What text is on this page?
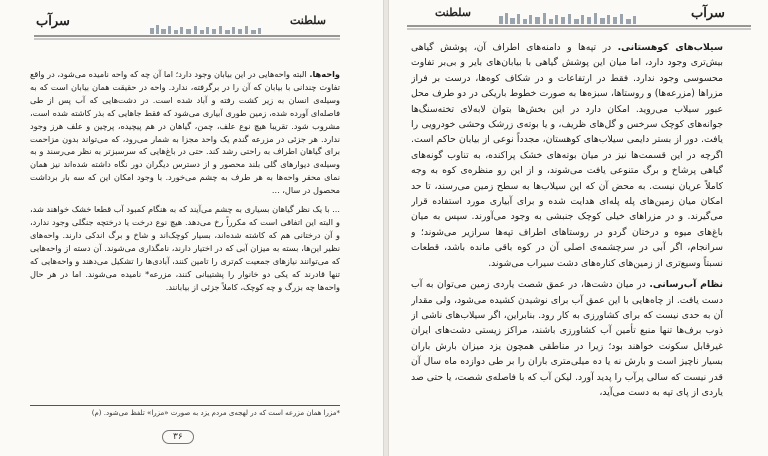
سرآب	سلطنت

واحه‌ها. البته واحه‌هایی در این بیابان وجود دارد؛ اما آن چه که واحه نامیده می‌شود، در واقع تفاوت چندانی با بیابان که آن را در برگرفته، ندارد. واحه در حقیقت همان بیابان است که به وسیله‌ی انسان به زیر کشت رفته و آباد شده است. در دشت‌هایی که آب پس از طی فاصله‌ای آورده شده، زمین طوری آبیاری می‌شود که فقط جاهایی که بذر کاشته شده است، مشروب شود. تقریبا هیچ نوع علف، چمن، گیاهان در هم پیچیده، پرچین و علف هرز وجود ندارد. هر جزئی در مزرعه گندم یک واحد مجزا به شمار می‌رود، که می‌تواند بدون مزاحمت برای گیاهان اطراف به راحتی رشد کند. حتی در باغ‌هایی که سرسبزتر به نظر می‌رسند و به وسیله‌ی دیوارهای گلی بلند محصور و از دسترس دیگران دور نگاه داشته شده‌اند نیز همان نمای محقر واحه‌ها به هر طرف به چشم می‌خورد. با وجود امکان این که سه بار برداشت محصول در سال، ...

... با یک نظر گیاهان بسیاری به چشم می‌آیند که به هنگام کمبود آب قطعا خشک خواهند شد، و البته این اتفاقی است که مکرراً رخ می‌دهد. هیچ نوع درخت یا درختچه جنگلی وجود ندارد، و آن درختانی هم که کاشته شده‌اند، بسیار کوچک‌اند و شاخ و برگ اندکی دارند. واحه‌های نظیر این‌ها، بسته به میزان آبی که در اختیار دارند، نامگذاری می‌شوند. آن دسته از واحه‌هایی که می‌توانند نیازهای جمعیت کم‌تری را تامین کنند، آبادی‌ها را تشکیل می‌دهند و واحه‌هایی که تنها قادرند که یکی دو خانوار را پشتیبانی کنند، مزرعه* نامیده می‌شوند. اما در هر حال واحه‌ها چه بزرگ و چه کوچک، کاملاً جزئی از بیابانند.

*مزرا همان مزرعه است که در لهجه‌ی مردم یزد به صورت «مزرا» تلفظ می‌شود. (م)
۳۶
سرآب
سلطنت

سیلاب‌های کوهستانی. در تپه‌ها و دامنه‌های اطراف آن، پوشش گیاهی بیش‌تری وجود دارد، اما میان این پوشش گیاهی با بیابان‌های بایر و بی‌بر تفاوت محسوسی وجود ندارد. فقط در ارتفاعات و در شکاف کوه‌ها، درست بر فراز مزراها (مزرعه‌ها) و روستاها، سبزه‌ها به صورت خطوط باریکی در دو طرف محل عبور سیلاب می‌روید. امکان دارد در این بخش‌ها بتوان لابه‌لای تخته‌سنگ‌ها جوانه‌های کوچک سرخس و گل‌های ظریف، و یا بوته‌ی زرشک وحشی خودرویی را یافت. دور از بستر دایمی سیلاب‌های کوهستان، مجدداً نوعی از بیابان حاکم است. اگرچه در این قسمت‌ها نیز در میان بوته‌های خشک پراکنده، به تناوب گونه‌های گیاهی پرشاخ و برگ متنوعی یافت می‌شوند، و از این رو منظره‌ی کوه به وجه کاملاً عریان نیست. به محض آن که این سیلاب‌ها به سطح زمین می‌رسند، تا حد امکان میان زمین‌های پله پله‌ای هدایت شده و برای آبیاری مورد استفاده قرار می‌گیرند. و در مزراهای خیلی کوچک جنبشی به وجود می‌آورند. سپس به میان باغ‌های میوه و درختان گردو در روستاهای اطراف تپه‌ها سرازیر می‌شوند؛ و سرانجام، اگر آبی در سرچشمه‌ی اصلی آن در کوه باقی مانده باشد، قطعات نسبتاً وسیع‌تری از زمین‌های کناره‌های دشت سیراب می‌شوند.

نظام آب‌رسانی. در میان دشت‌ها، در عمق شصت یاردی زمین می‌توان به آب دست یافت. از چاه‌هایی با این عمق آب برای نوشیدن کشیده می‌شود، ولی مقدار آن به حدی نیست که برای کشاورزی به کار رود. بنابراین، اگر سیلاب‌های ناشی از ذوب برف‌ها تنها منبع تأمین آب کشاورزی باشند، مراکز زیستی دشت‌های ایران غیرقابل سکونت خواهند بود؛ زیرا در مناطقی همچون یزد میزان بارش باران بسیار ناچیز است و بارش نه یا ده میلی‌متری باران را بر طی دوازده ماه سال آن قدر نیست که سالی پرآب را پدید آورد. لیکن آب که با فاصله‌ی شصت، یا حتی صد یاردی از پای تپه به دست می‌آید،
